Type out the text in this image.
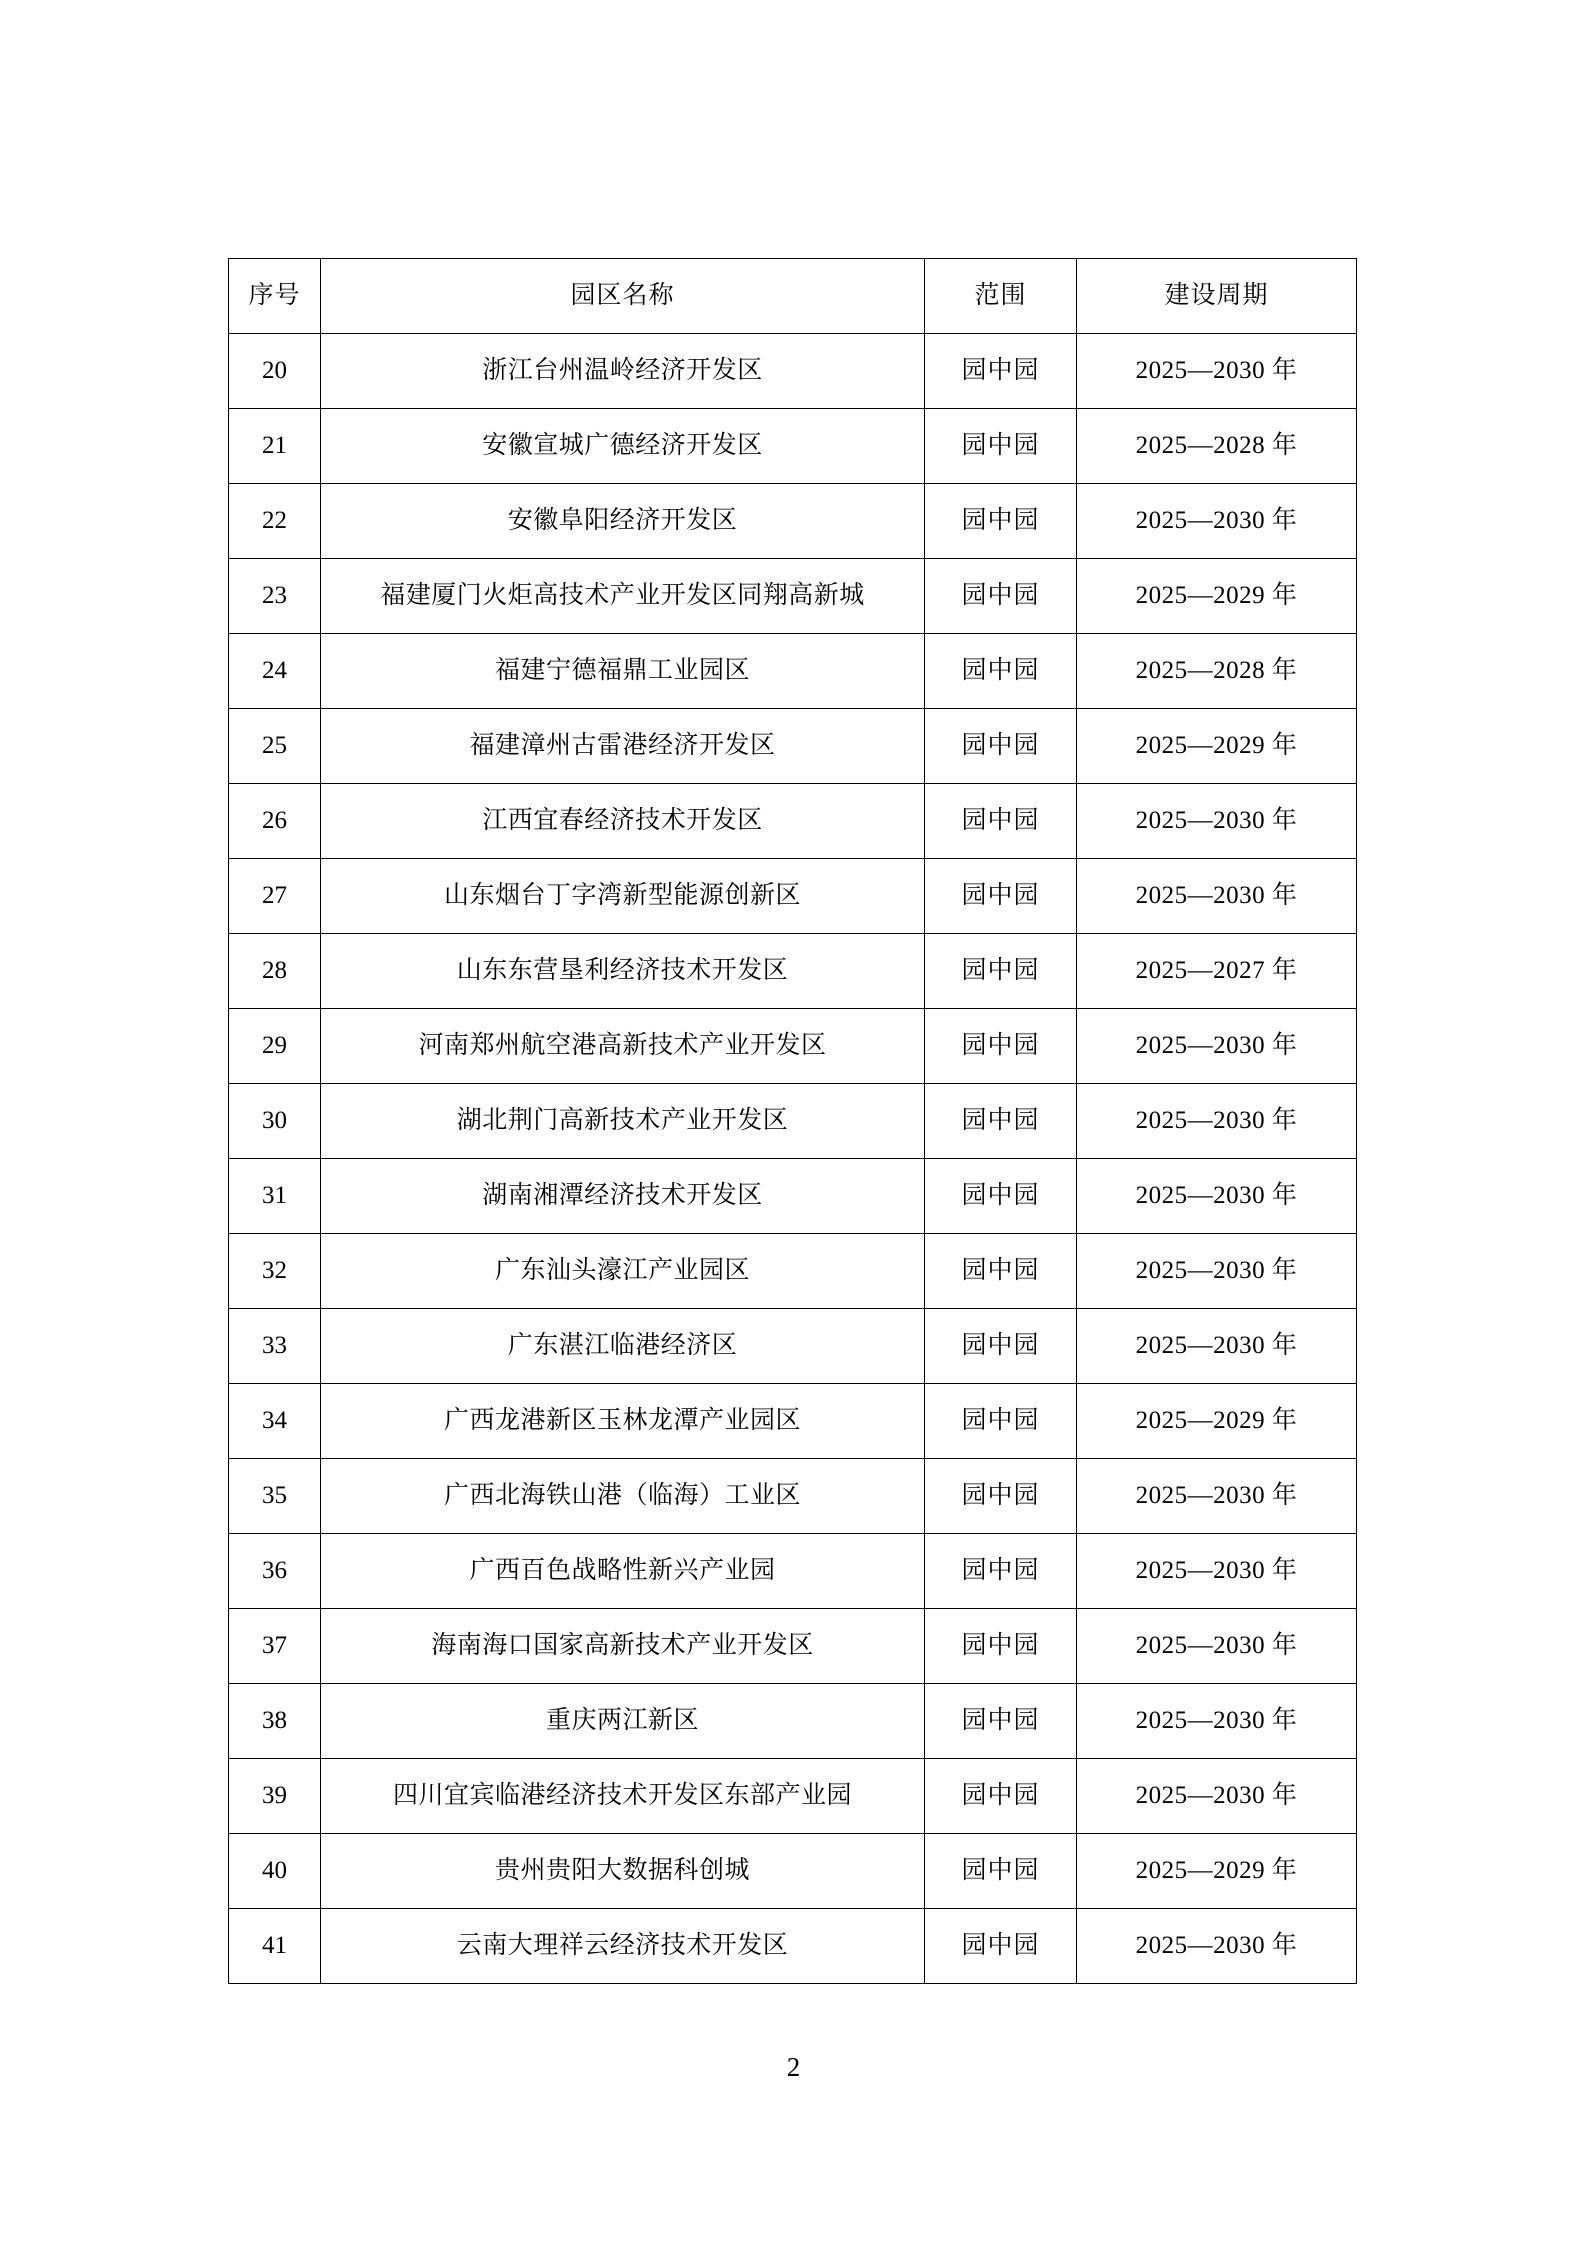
序号	园区名称	范围	建设周期
20	浙江台州温岭经济开发区	园中园	2025—2030 年
21	安徽宣城广德经济开发区	园中园	2025—2028 年
22	安徽阜阳经济开发区	园中园	2025—2030 年
23	福建厦门火炬高技术产业开发区同翔高新城	园中园	2025—2029 年
24	福建宁德福鼎工业园区	园中园	2025—2028 年
25	福建漳州古雷港经济开发区	园中园	2025—2029 年
26	江西宜春经济技术开发区	园中园	2025—2030 年
27	山东烟台丁字湾新型能源创新区	园中园	2025—2030 年
28	山东东营垦利经济技术开发区	园中园	2025—2027 年
29	河南郑州航空港高新技术产业开发区	园中园	2025—2030 年
30	湖北荆门高新技术产业开发区	园中园	2025—2030 年
31	湖南湘潭经济技术开发区	园中园	2025—2030 年
32	广东汕头濠江产业园区	园中园	2025—2030 年
33	广东湛江临港经济区	园中园	2025—2030 年
34	广西龙港新区玉林龙潭产业园区	园中园	2025—2029 年
35	广西北海铁山港（临海）工业区	园中园	2025—2030 年
36	广西百色战略性新兴产业园	园中园	2025—2030 年
37	海南海口国家高新技术产业开发区	园中园	2025—2030 年
38	重庆两江新区	园中园	2025—2030 年
39	四川宜宾临港经济技术开发区东部产业园	园中园	2025—2030 年
40	贵州贵阳大数据科创城	园中园	2025—2029 年
41	云南大理祥云经济技术开发区	园中园	2025—2030 年
2
